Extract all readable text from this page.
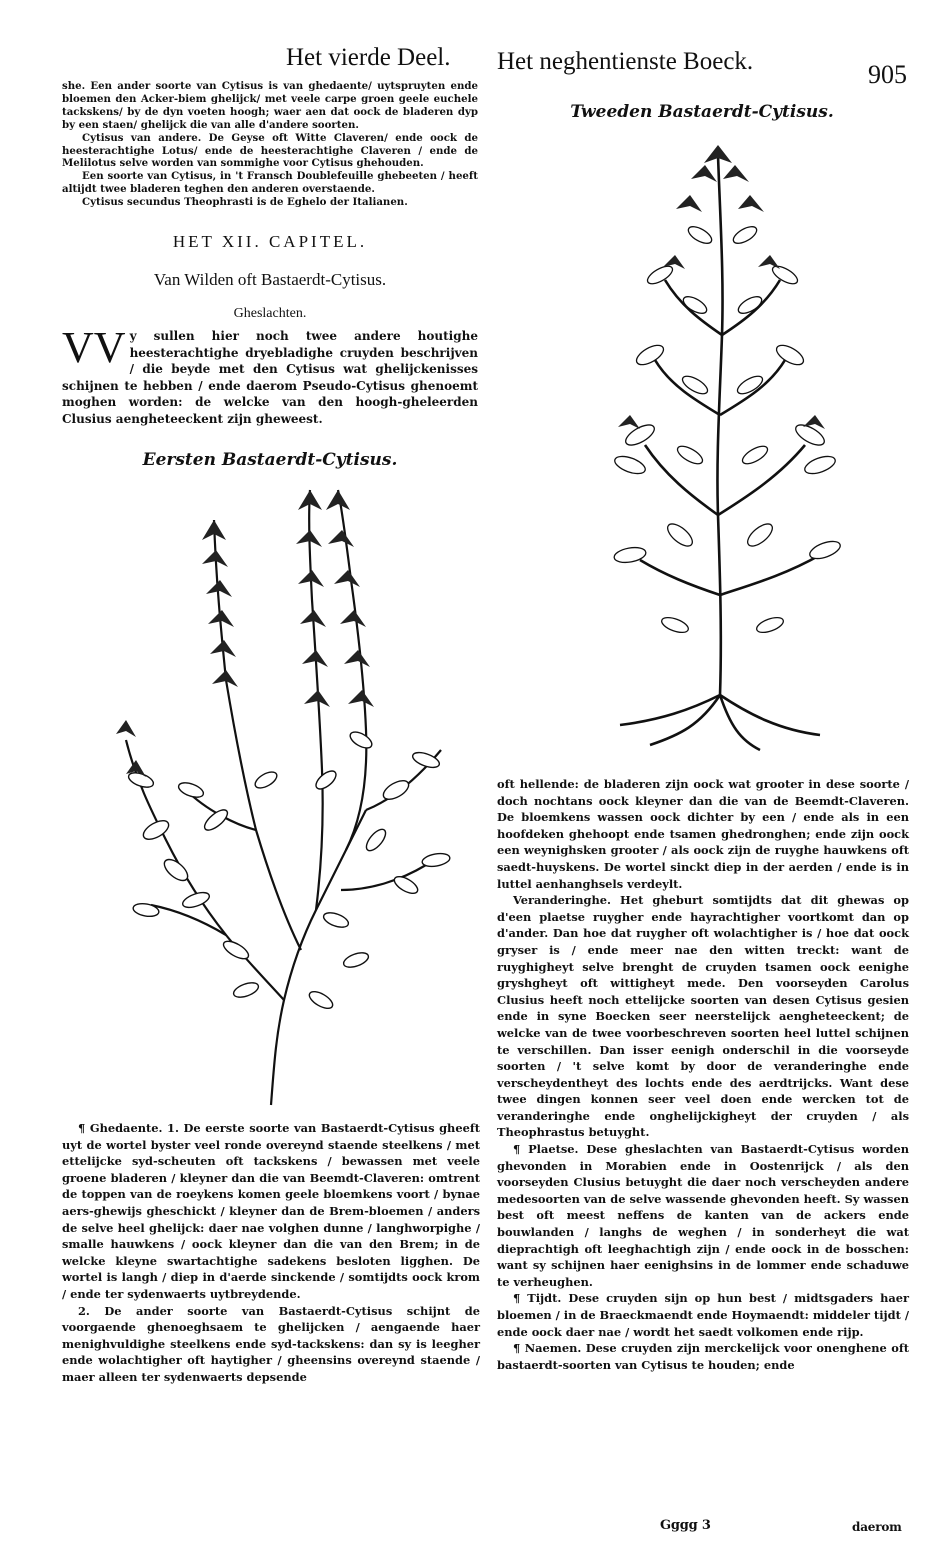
Het vierde Deel. Het neghentienste Boeck.	905

she. Een ander soorte van Cytisus is van ghedaente/ uytspruyten ende bloemen den Acker-biem ghelijck/ met veele carpe groen geele euchele tackskens/ by de dyn voeten hoogh; waer aen dat oock de bladeren dyp by een staen/ ghelijck die van alle d'andere soorten.

Cytisus van andere. De Geyse oft Witte Claveren/ ende oock de heesterachtighe Lotus/ ende de heesterachtighe Claveren / ende de Melilotus selve worden van sommighe voor Cytisus ghehouden.

Een soorte van Cytisus, in 't Fransch Doublefeuille ghebeeten / heeft altijdt twee bladeren teghen den anderen overstaende.

Cytisus secundus Theophrasti is de Eghelo der Italianen.

HET XII. CAPITEL.
Van Wilden oft Bastaerdt-Cytisus.
Gheslachten.
VV y sullen hier noch twee andere houtighe heesterachtighe dryebladighe cruyden beschrijven / die beyde met den Cytisus wat ghelijckenisses schijnen te hebben / ende daerom Pseudo-Cytisus ghenoemt moghen worden: de welcke van den hoogh-gheleerden Clusius aengheteeckent zijn gheweest.

Eersten Bastaerdt-Cytisus.
Tweeden Bastaerdt-Cytisus.

¶ Ghedaente. 1. De eerste soorte van Bastaerdt-Cytisus gheeft uyt de wortel byster veel ronde overeynd staende steelkens / met ettelijcke syd-scheuten oft tackskens / bewassen met veele groene bladeren / kleyner dan die van Beemdt-Claveren: omtrent de toppen van de roeykens komen geele bloemkens voort / bynae aers-ghewijs gheschickt / kleyner dan de Brem-bloemen / anders de selve heel ghelijck: daer nae volghen dunne / langhworpighe / smalle hauwkens / oock kleyner dan die van den Brem; in de welcke kleyne swartachtighe sadekens besloten ligghen. De wortel is langh / diep in d'aerde sinckende / somtijdts oock krom / ende ter sydenwaerts uytbreydende.

2. De ander soorte van Bastaerdt-Cytisus schijnt de voorgaende ghenoeghsaem te ghelijcken / aengaende haer menighvuldighe steelkens ende syd-tackskens: dan sy is leegher ende wolachtigher oft haytigher / gheensins overeynd staende / maer alleen ter sydenwaerts depsende

oft hellende: de bladeren zijn oock wat grooter in dese soorte / doch nochtans oock kleyner dan die van de Beemdt-Claveren. De bloemkens wassen oock dichter by een / ende als in een hoofdeken ghehoopt ende tsamen ghedronghen; ende zijn oock een weynighsken grooter / als oock zijn de ruyghe hauwkens oft saedt-huyskens. De wortel sinckt diep in der aerden / ende is in luttel aenhanghsels verdeylt.

Veranderinghe. Het gheburt somtijdts dat dit ghewas op d'een plaetse ruygher ende hayrachtigher voortkomt dan op d'ander. Dan hoe dat ruygher oft wolachtigher is / hoe dat oock gryser is / ende meer nae den witten treckt: want de ruyghigheyt selve brenght de cruyden tsamen oock eenighe gryshgheyt oft wittigheyt mede. Den voorseyden Carolus Clusius heeft noch ettelijcke soorten van desen Cytisus gesien ende in syne Boecken seer neerstelijck aengheteeckent; de welcke van de twee voorbeschreven soorten heel luttel schijnen te verschillen. Dan isser eenigh onderschil in die voorseyde soorten / 't selve komt by door de veranderinghe ende verscheydentheyt des lochts ende des aerdtrijcks. Want dese twee dingen konnen seer veel doen ende wercken tot de veranderinghe ende onghelijckigheyt der cruyden / als Theophrastus betuyght.

¶ Plaetse. Dese gheslachten van Bastaerdt-Cytisus worden ghevonden in Morabien ende in Oostenrijck / als den voorseyden Clusius betuyght die daer noch verscheyden andere medesoorten van de selve wassende ghevonden heeft. Sy wassen best oft meest neffens de kanten van de ackers ende bouwlanden / langhs de weghen / in sonderheyt die wat dieprachtigh oft leeghachtigh zijn / ende oock in de bosschen: want sy schijnen haer eenighsins in de lommer ende schaduwe te verheughen.

¶ Tijdt. Dese cruyden sijn op hun best / midtsgaders haer bloemen / in de Braeckmaendt ende Hoymaendt: middeler tijdt / ende oock daer nae / wordt het saedt volkomen ende rijp.

¶ Naemen. Dese cruyden zijn merckelijck voor onenghene oft bastaerdt-soorten van Cytisus te houden; ende

Gggg 3	daerom
